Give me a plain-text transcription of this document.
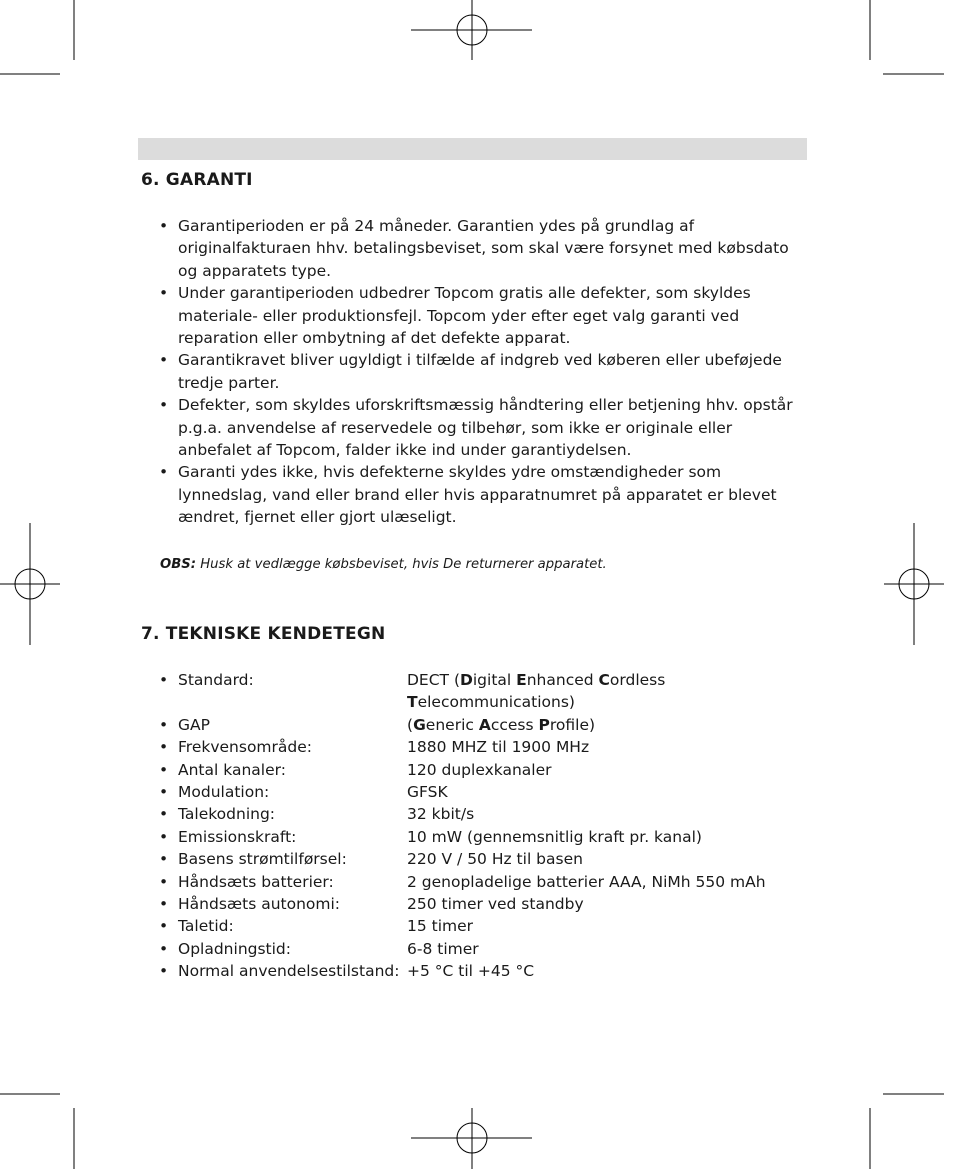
6. GARANTI
• Garantiperioden er på 24 måneder. Garantien ydes på grundlag af originalfakturaen hhv. betalingsbeviset, som skal være forsynet med købsdato og apparatets type.
• Under garantiperioden udbedrer Topcom gratis alle defekter, som skyldes materiale- eller produktionsfejl. Topcom yder efter eget valg garanti ved reparation eller ombytning af det defekte apparat.
• Garantikravet bliver ugyldigt i tilfælde af indgreb ved køberen eller ubeføjede tredje parter.
• Defekter, som skyldes uforskriftsmæssig håndtering eller betjening hhv. opstår p.g.a. anvendelse af reservedele og tilbehør, som ikke er originale eller anbefalet af Topcom, falder ikke ind under garantiydelsen.
• Garanti ydes ikke, hvis defekterne skyldes ydre omstændigheder som lynnedslag, vand eller brand eller hvis apparatnumret på apparatet er blevet ændret, fjernet eller gjort ulæseligt.

OBS: Husk at vedlægge købsbeviset, hvis De returnerer apparatet.

7. TEKNISKE KENDETEGN
• Standard:	DECT (Digital Enhanced Cordless
Telecommunications)
• GAP	(Generic Access Profile)
• Frekvensområde:	1880 MHZ til 1900 MHz
• Antal kanaler:	120 duplexkanaler
• Modulation:	GFSK
• Talekodning:	32 kbit/s
• Emissionskraft:	10 mW (gennemsnitlig kraft pr. kanal)
• Basens strømtilførsel:	220 V / 50 Hz til basen
• Håndsæts batterier:	2 genopladelige batterier AAA, NiMh 550 mAh
• Håndsæts autonomi:	250 timer ved standby
• Taletid:	15 timer
• Opladningstid:	6-8 timer
• Normal anvendelsestilstand: +5 °C til +45 °C
